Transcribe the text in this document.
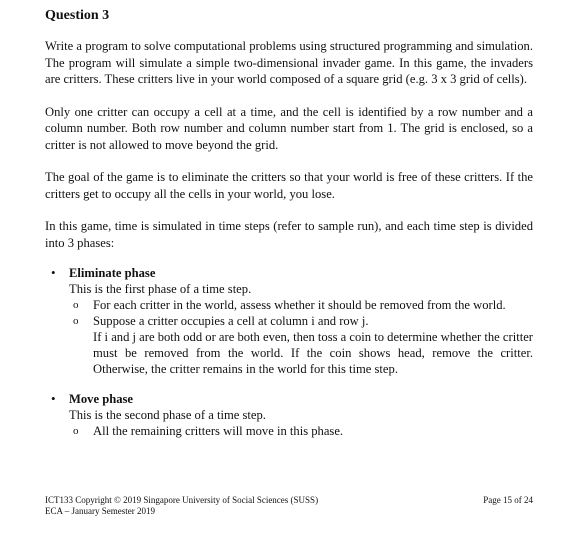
Question 3

Write a program to solve computational problems using structured programming and simulation. The program will simulate a simple two-dimensional invader game. In this game, the invaders are critters. These critters live in your world composed of a square grid (e.g. 3 x 3 grid of cells).

Only one critter can occupy a cell at a time, and the cell is identified by a row number and a column number. Both row number and column number start from 1. The grid is enclosed, so a critter is not allowed to move beyond the grid.

The goal of the game is to eliminate the critters so that your world is free of these critters. If the critters get to occupy all the cells in your world, you lose.

In this game, time is simulated in time steps (refer to sample run), and each time step is divided into 3 phases:

• Eliminate phase
This is the first phase of a time step.
o For each critter in the world, assess whether it should be removed from the world.
o Suppose a critter occupies a cell at column i and row j.
If i and j are both odd or are both even, then toss a coin to determine whether the critter must be removed from the world. If the coin shows head, remove the critter. Otherwise, the critter remains in the world for this time step.
• Move phase
This is the second phase of a time step.
o All the remaining critters will move in this phase.
ICT133 Copyright © 2019 Singapore University of Social Sciences (SUSS)
ECA – January Semester 2019
Page 15 of 24
